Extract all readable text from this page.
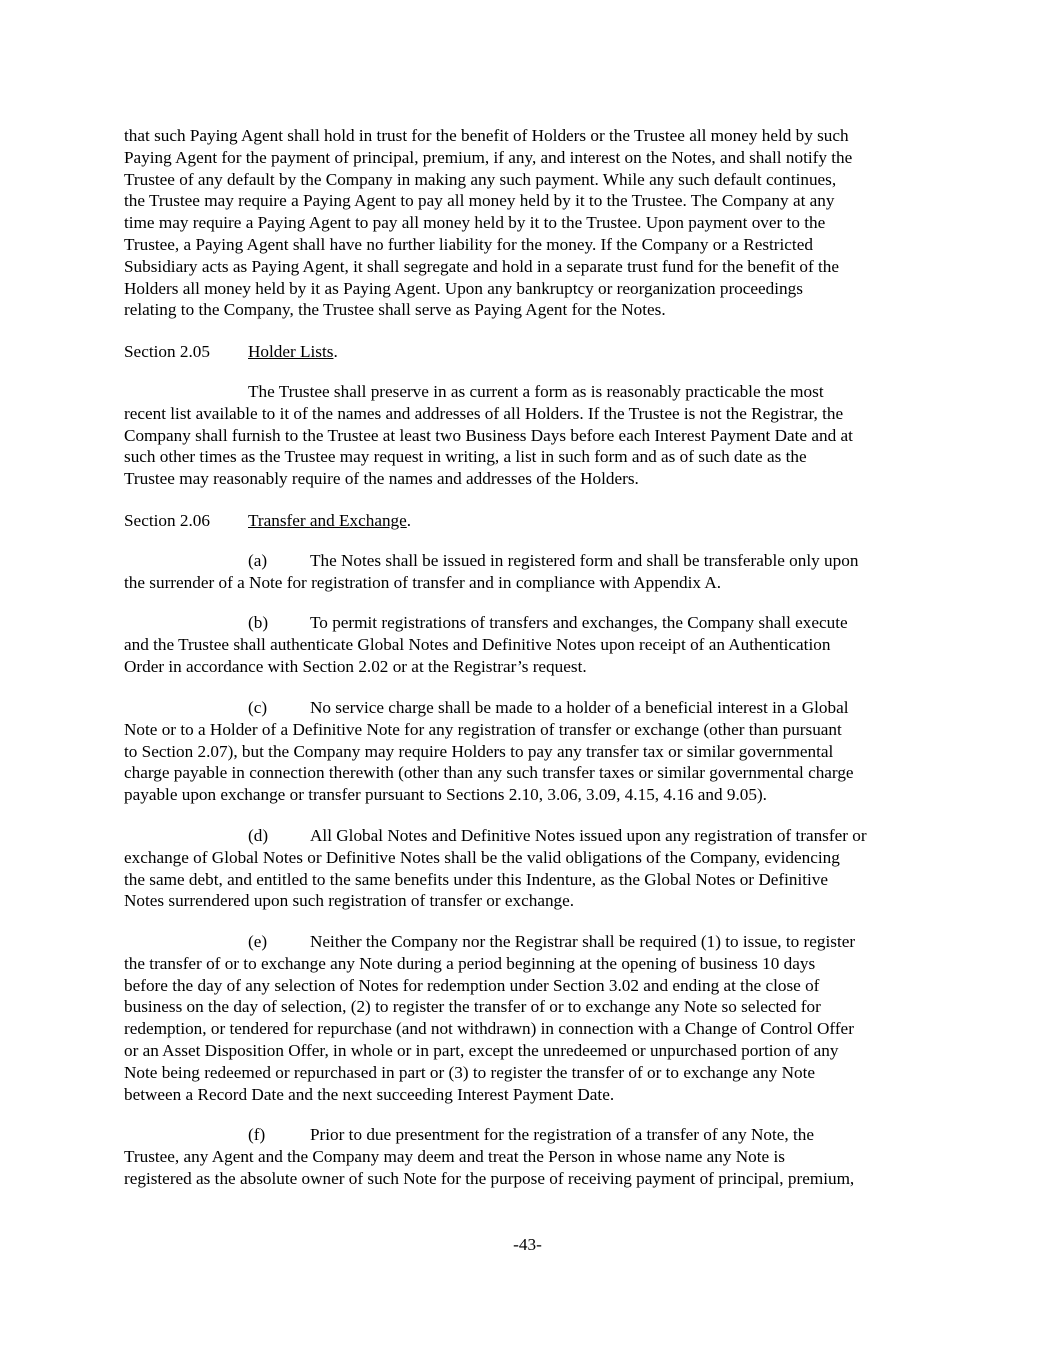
that such Paying Agent shall hold in trust for the benefit of Holders or the Trustee all money held by such
Paying Agent for the payment of principal, premium, if any, and interest on the Notes, and shall notify the
Trustee of any default by the Company in making any such payment. While any such default continues,
the Trustee may require a Paying Agent to pay all money held by it to the Trustee. The Company at any
time may require a Paying Agent to pay all money held by it to the Trustee. Upon payment over to the
Trustee, a Paying Agent shall have no further liability for the money. If the Company or a Restricted
Subsidiary acts as Paying Agent, it shall segregate and hold in a separate trust fund for the benefit of the
Holders all money held by it as Paying Agent. Upon any bankruptcy or reorganization proceedings
relating to the Company, the Trustee shall serve as Paying Agent for the Notes.

Section 2.05 Holder Lists.

The Trustee shall preserve in as current a form as is reasonably practicable the most
recent list available to it of the names and addresses of all Holders. If the Trustee is not the Registrar, the
Company shall furnish to the Trustee at least two Business Days before each Interest Payment Date and at
such other times as the Trustee may request in writing, a list in such form and as of such date as the
Trustee may reasonably require of the names and addresses of the Holders.

Section 2.06 Transfer and Exchange.

(a) The Notes shall be issued in registered form and shall be transferable only upon
the surrender of a Note for registration of transfer and in compliance with Appendix A.

(b) To permit registrations of transfers and exchanges, the Company shall execute
and the Trustee shall authenticate Global Notes and Definitive Notes upon receipt of an Authentication
Order in accordance with Section 2.02 or at the Registrar’s request.

(c) No service charge shall be made to a holder of a beneficial interest in a Global
Note or to a Holder of a Definitive Note for any registration of transfer or exchange (other than pursuant
to Section 2.07), but the Company may require Holders to pay any transfer tax or similar governmental
charge payable in connection therewith (other than any such transfer taxes or similar governmental charge
payable upon exchange or transfer pursuant to Sections 2.10, 3.06, 3.09, 4.15, 4.16 and 9.05).

(d) All Global Notes and Definitive Notes issued upon any registration of transfer or
exchange of Global Notes or Definitive Notes shall be the valid obligations of the Company, evidencing
the same debt, and entitled to the same benefits under this Indenture, as the Global Notes or Definitive
Notes surrendered upon such registration of transfer or exchange.

(e) Neither the Company nor the Registrar shall be required (1) to issue, to register
the transfer of or to exchange any Note during a period beginning at the opening of business 10 days
before the day of any selection of Notes for redemption under Section 3.02 and ending at the close of
business on the day of selection, (2) to register the transfer of or to exchange any Note so selected for
redemption, or tendered for repurchase (and not withdrawn) in connection with a Change of Control Offer
or an Asset Disposition Offer, in whole or in part, except the unredeemed or unpurchased portion of any
Note being redeemed or repurchased in part or (3) to register the transfer of or to exchange any Note
between a Record Date and the next succeeding Interest Payment Date.

(f)	Prior to due presentment for the registration of a transfer of any Note, the
Trustee, any Agent and the Company may deem and treat the Person in whose name any Note is
registered as the absolute owner of such Note for the purpose of receiving payment of principal, premium,

-43-
